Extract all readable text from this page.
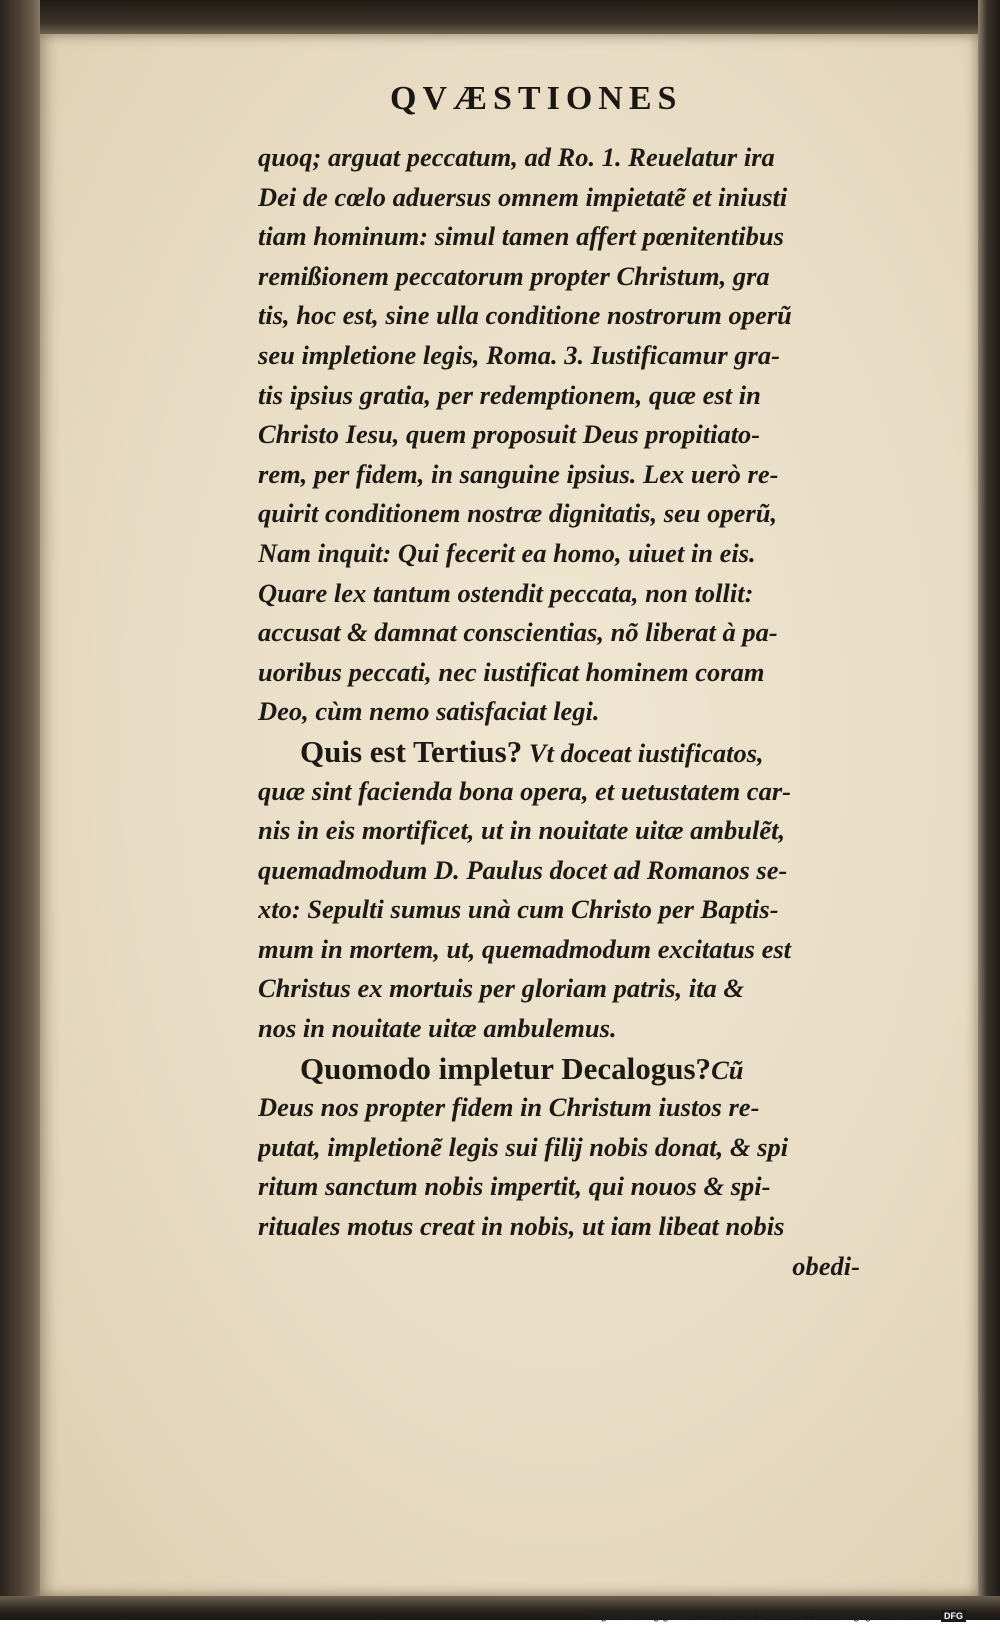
QVÆSTIONES
quoq; arguat peccatum, ad Ro. 1. Reuelatur ira
Dei de cœlo aduersus omnem impietatẽ et iniusti
tiam hominum: simul tamen affert pœnitentibus
remißionem peccatorum propter Christum, gra
tis, hoc est, sine ulla conditione nostrorum operũ
seu impletione legis, Roma. 3. Iustificamur gra-
tis ipsius gratia, per redemptionem, quæ est in
Christo Iesu, quem proposuit Deus propitiato-
rem, per fidem, in sanguine ipsius. Lex uerò re-
quirit conditionem nostræ dignitatis, seu operũ,
Nam inquit: Qui fecerit ea homo, uiuet in eis.
Quare lex tantum ostendit peccata, non tollit:
accusat & damnat conscientias, nõ liberat à pa-
uoribus peccati, nec iustificat hominem coram
Deo, cùm nemo satisfaciat legi.
Quis est Tertius? Vt doceat iustificatos,
quæ sint facienda bona opera, et uetustatem car-
nis in eis mortificet, ut in nouitate uitæ ambulẽt,
quemadmodum D. Paulus docet ad Romanos se-
xto: Sepulti sumus unà cum Christo per Baptis-
mum in mortem, ut, quemadmodum excitatus est
Christus ex mortuis per gloriam patris, ita &
nos in nouitate uitæ ambulemus.
Quomodo impletur Decalogus?Cũ
Deus nos propter fidem in Christum iustos re-
putat, impletionẽ legis sui filij nobis donat, & spi
ritum sanctum nobis impertit, qui nouos & spi-
rituales motus creat in nobis, ut iam libeat nobis
obedi-
Digitalisierung gefördert durch die Deutsche Forschungsgemeinschaft - DFG
